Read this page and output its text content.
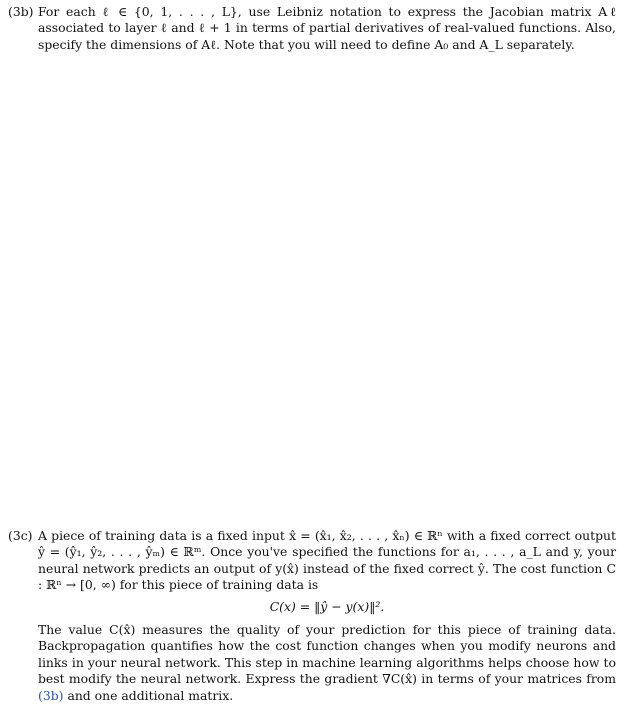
(3b) For each ℓ ∈ {0, 1, . . . , L}, use Leibniz notation to express the Jacobian matrix Aℓ associated to layer ℓ and ℓ + 1 in terms of partial derivatives of real-valued functions. Also, specify the dimensions of Aℓ. Note that you will need to define A₀ and A_L separately.
(3c) A piece of training data is a fixed input x̂ = (x̂₁, x̂₂, . . . , x̂ₙ) ∈ ℝⁿ with a fixed correct output ŷ = (ŷ₁, ŷ₂, . . . , ŷₘ) ∈ ℝᵐ. Once you've specified the functions for a₁, . . . , a_L and y, your neural network predicts an output of y(x̂) instead of the fixed correct ŷ. The cost function C : ℝⁿ → [0, ∞) for this piece of training data is
C(x) = ‖ŷ − y(x)‖².
The value C(x̂) measures the quality of your prediction for this piece of training data. Backpropagation quantifies how the cost function changes when you modify neurons and links in your neural network. This step in machine learning algorithms helps choose how to best modify the neural network. Express the gradient ∇C(x̂) in terms of your matrices from (3b) and one additional matrix.
